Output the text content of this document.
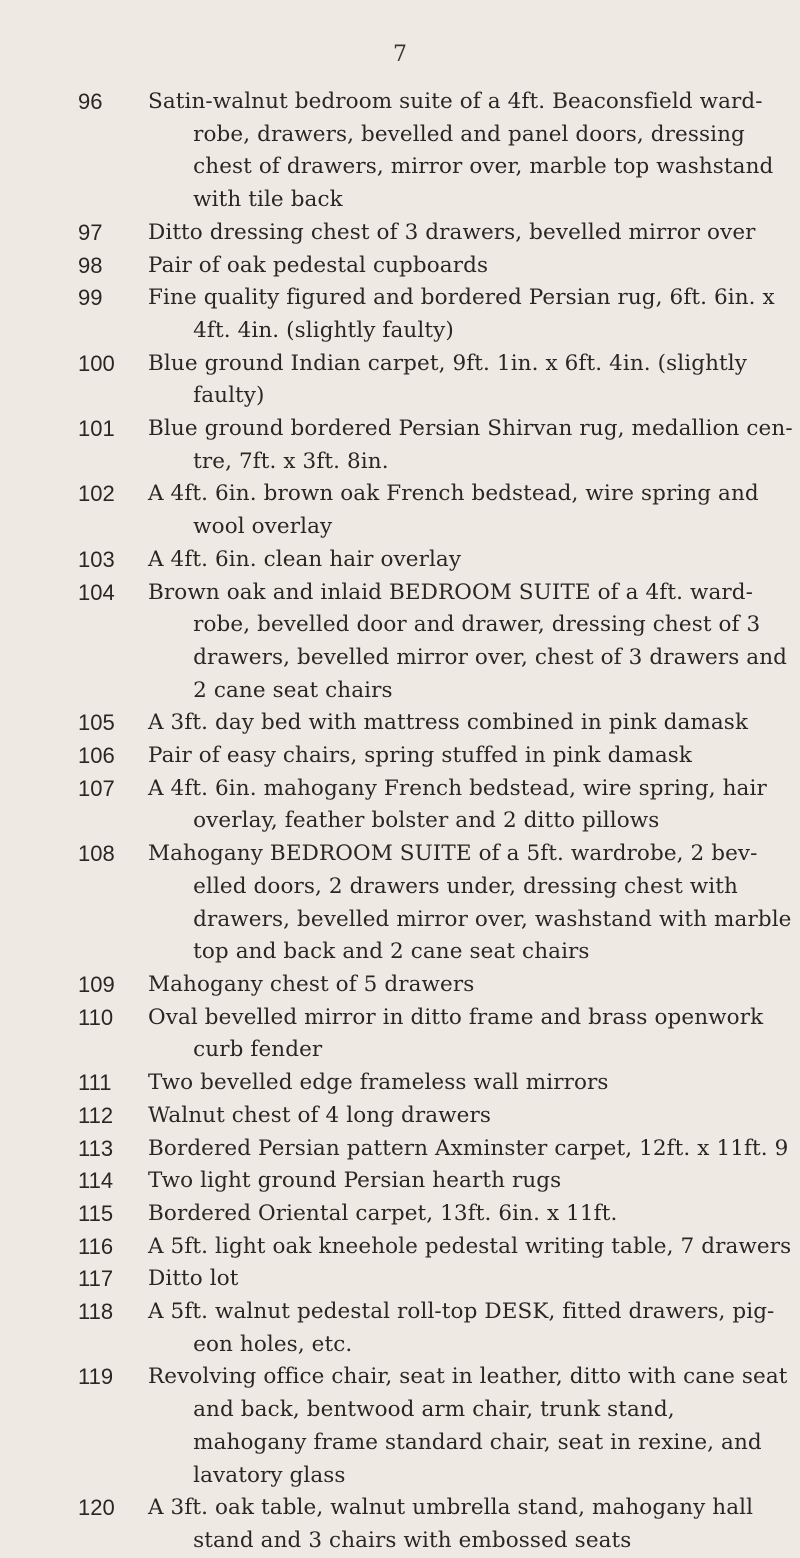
7
96	Satin-walnut bedroom suite of a 4ft. Beaconsfield ward- robe, drawers, bevelled and panel doors, dressing chest of drawers, mirror over, marble top washstand with tile back
97	Ditto dressing chest of 3 drawers, bevelled mirror over
98	Pair of oak pedestal cupboards
99	Fine quality figured and bordered Persian rug, 6ft. 6in. x 4ft. 4in. (slightly faulty)
100	Blue ground Indian carpet, 9ft. 1in. x 6ft. 4in. (slightly faulty)
101	Blue ground bordered Persian Shirvan rug, medallion cen- tre, 7ft. x 3ft. 8in.
102	A 4ft. 6in. brown oak French bedstead, wire spring and wool overlay
103	A 4ft. 6in. clean hair overlay
104	Brown oak and inlaid BEDROOM SUITE of a 4ft. ward- robe, bevelled door and drawer, dressing chest of 3 drawers, bevelled mirror over, chest of 3 drawers and 2 cane seat chairs
105	A 3ft. day bed with mattress combined in pink damask
106	Pair of easy chairs, spring stuffed in pink damask
107	A 4ft. 6in. mahogany French bedstead, wire spring, hair overlay, feather bolster and 2 ditto pillows
108	Mahogany BEDROOM SUITE of a 5ft. wardrobe, 2 bev- elled doors, 2 drawers under, dressing chest with drawers, bevelled mirror over, washstand with marble top and back and 2 cane seat chairs
109	Mahogany chest of 5 drawers
110	Oval bevelled mirror in ditto frame and brass openwork curb fender
111	Two bevelled edge frameless wall mirrors
112	Walnut chest of 4 long drawers
113	Bordered Persian pattern Axminster carpet, 12ft. x 11ft. 9
114	Two light ground Persian hearth rugs
115	Bordered Oriental carpet, 13ft. 6in. x 11ft.
116	A 5ft. light oak kneehole pedestal writing table, 7 drawers
117	Ditto lot
118	A 5ft. walnut pedestal roll-top DESK, fitted drawers, pig- eon holes, etc.
119	Revolving office chair, seat in leather, ditto with cane seat and back, bentwood arm chair, trunk stand, mahogany frame standard chair, seat in rexine, and lavatory glass
120	A 3ft. oak table, walnut umbrella stand, mahogany hall stand and 3 chairs with embossed seats
